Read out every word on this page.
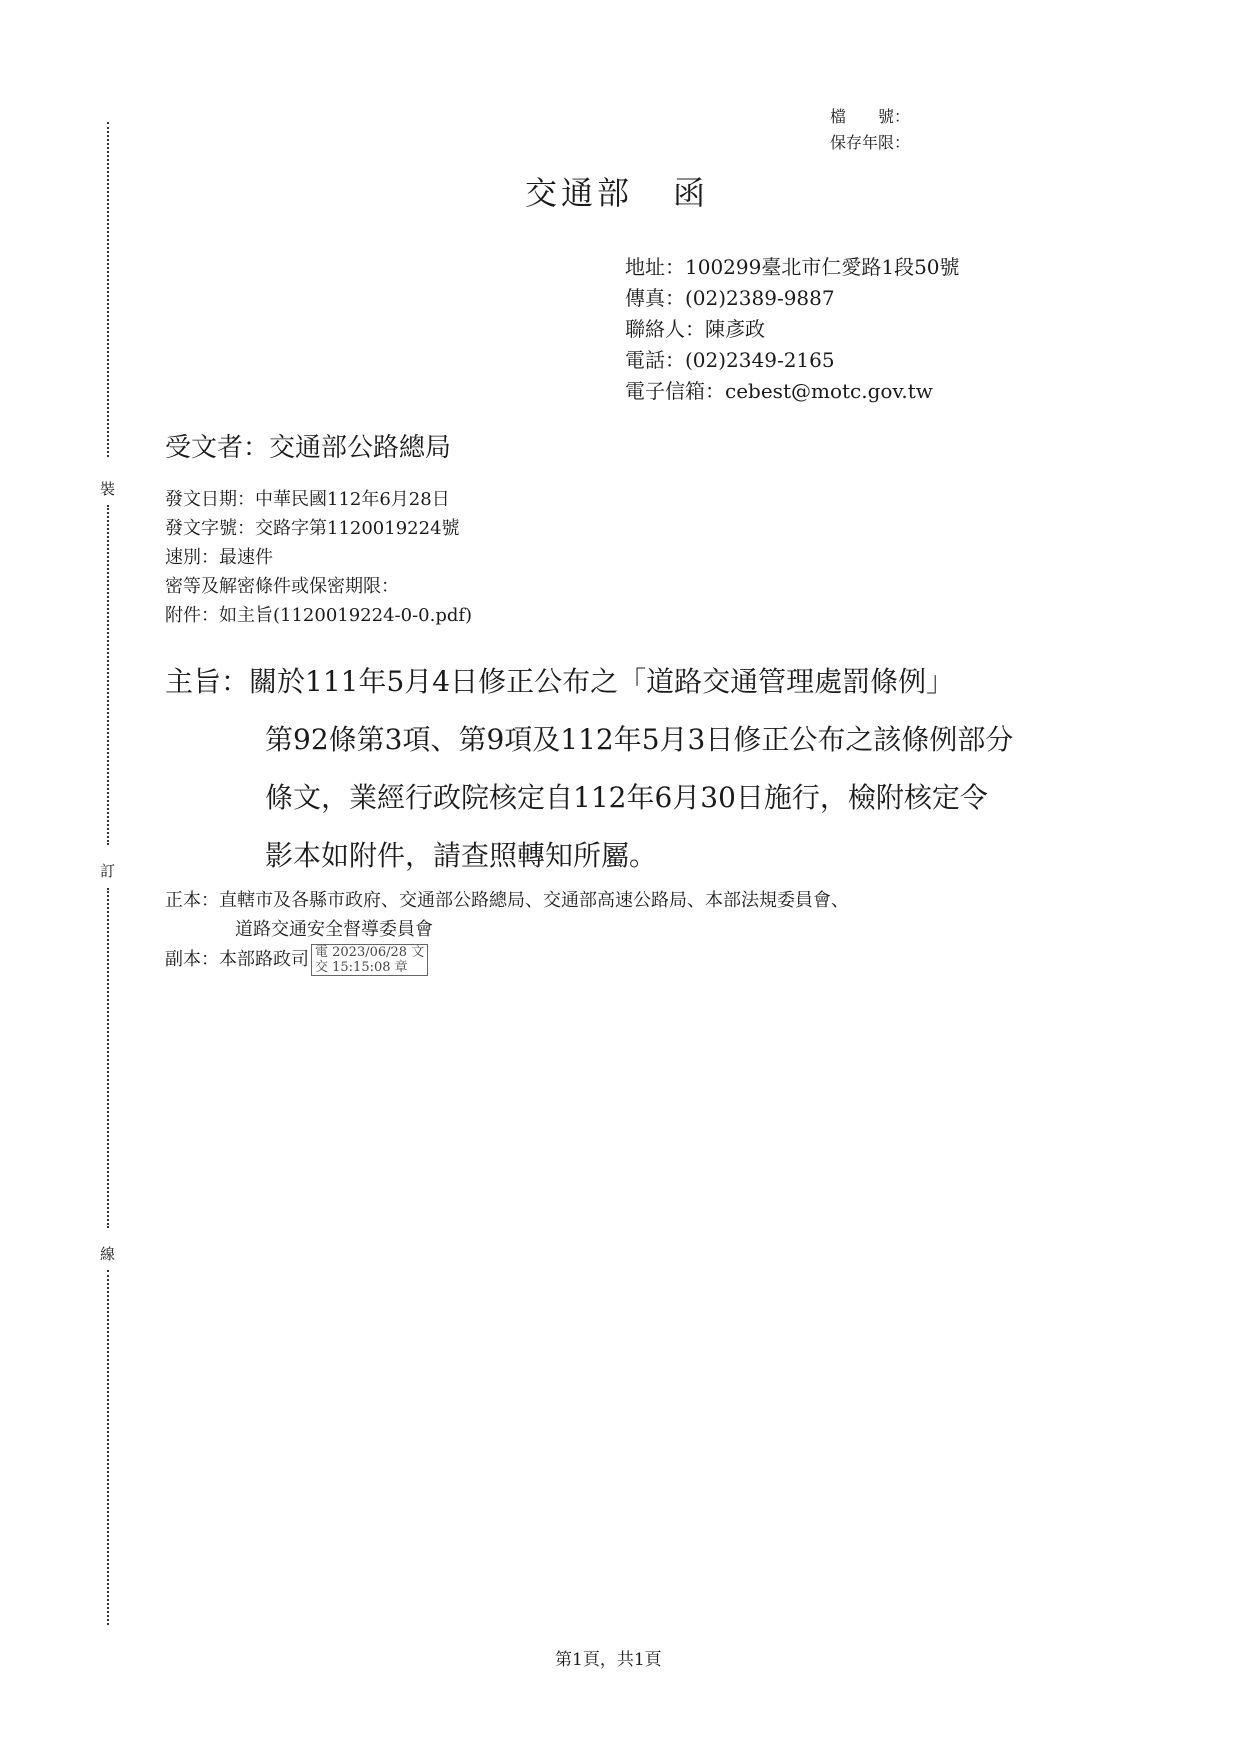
裝
訂
線
檔　　號：
保存年限：
交通部 函
地址：100299臺北市仁愛路1段50號
傳真：(02)2389-9887
聯絡人：陳彥政
電話：(02)2349-2165
電子信箱：cebest@motc.gov.tw
受文者：交通部公路總局
發文日期：中華民國112年6月28日
發文字號：交路字第1120019224號
速別：最速件
密等及解密條件或保密期限：
附件：如主旨(1120019224-0-0.pdf)
主旨：關於111年5月4日修正公布之「道路交通管理處罰條例」
第92條第3項、第9項及112年5月3日修正公布之該條例部分
條文，業經行政院核定自112年6月30日施行，檢附核定令
影本如附件，請查照轉知所屬。
正本：直轄市及各縣市政府、交通部公路總局、交通部高速公路局、本部法規委員會、
道路交通安全督導委員會
副本：本部路政司 電 2023/06/28 文
交 15:15:08 章
第1頁，共1頁
